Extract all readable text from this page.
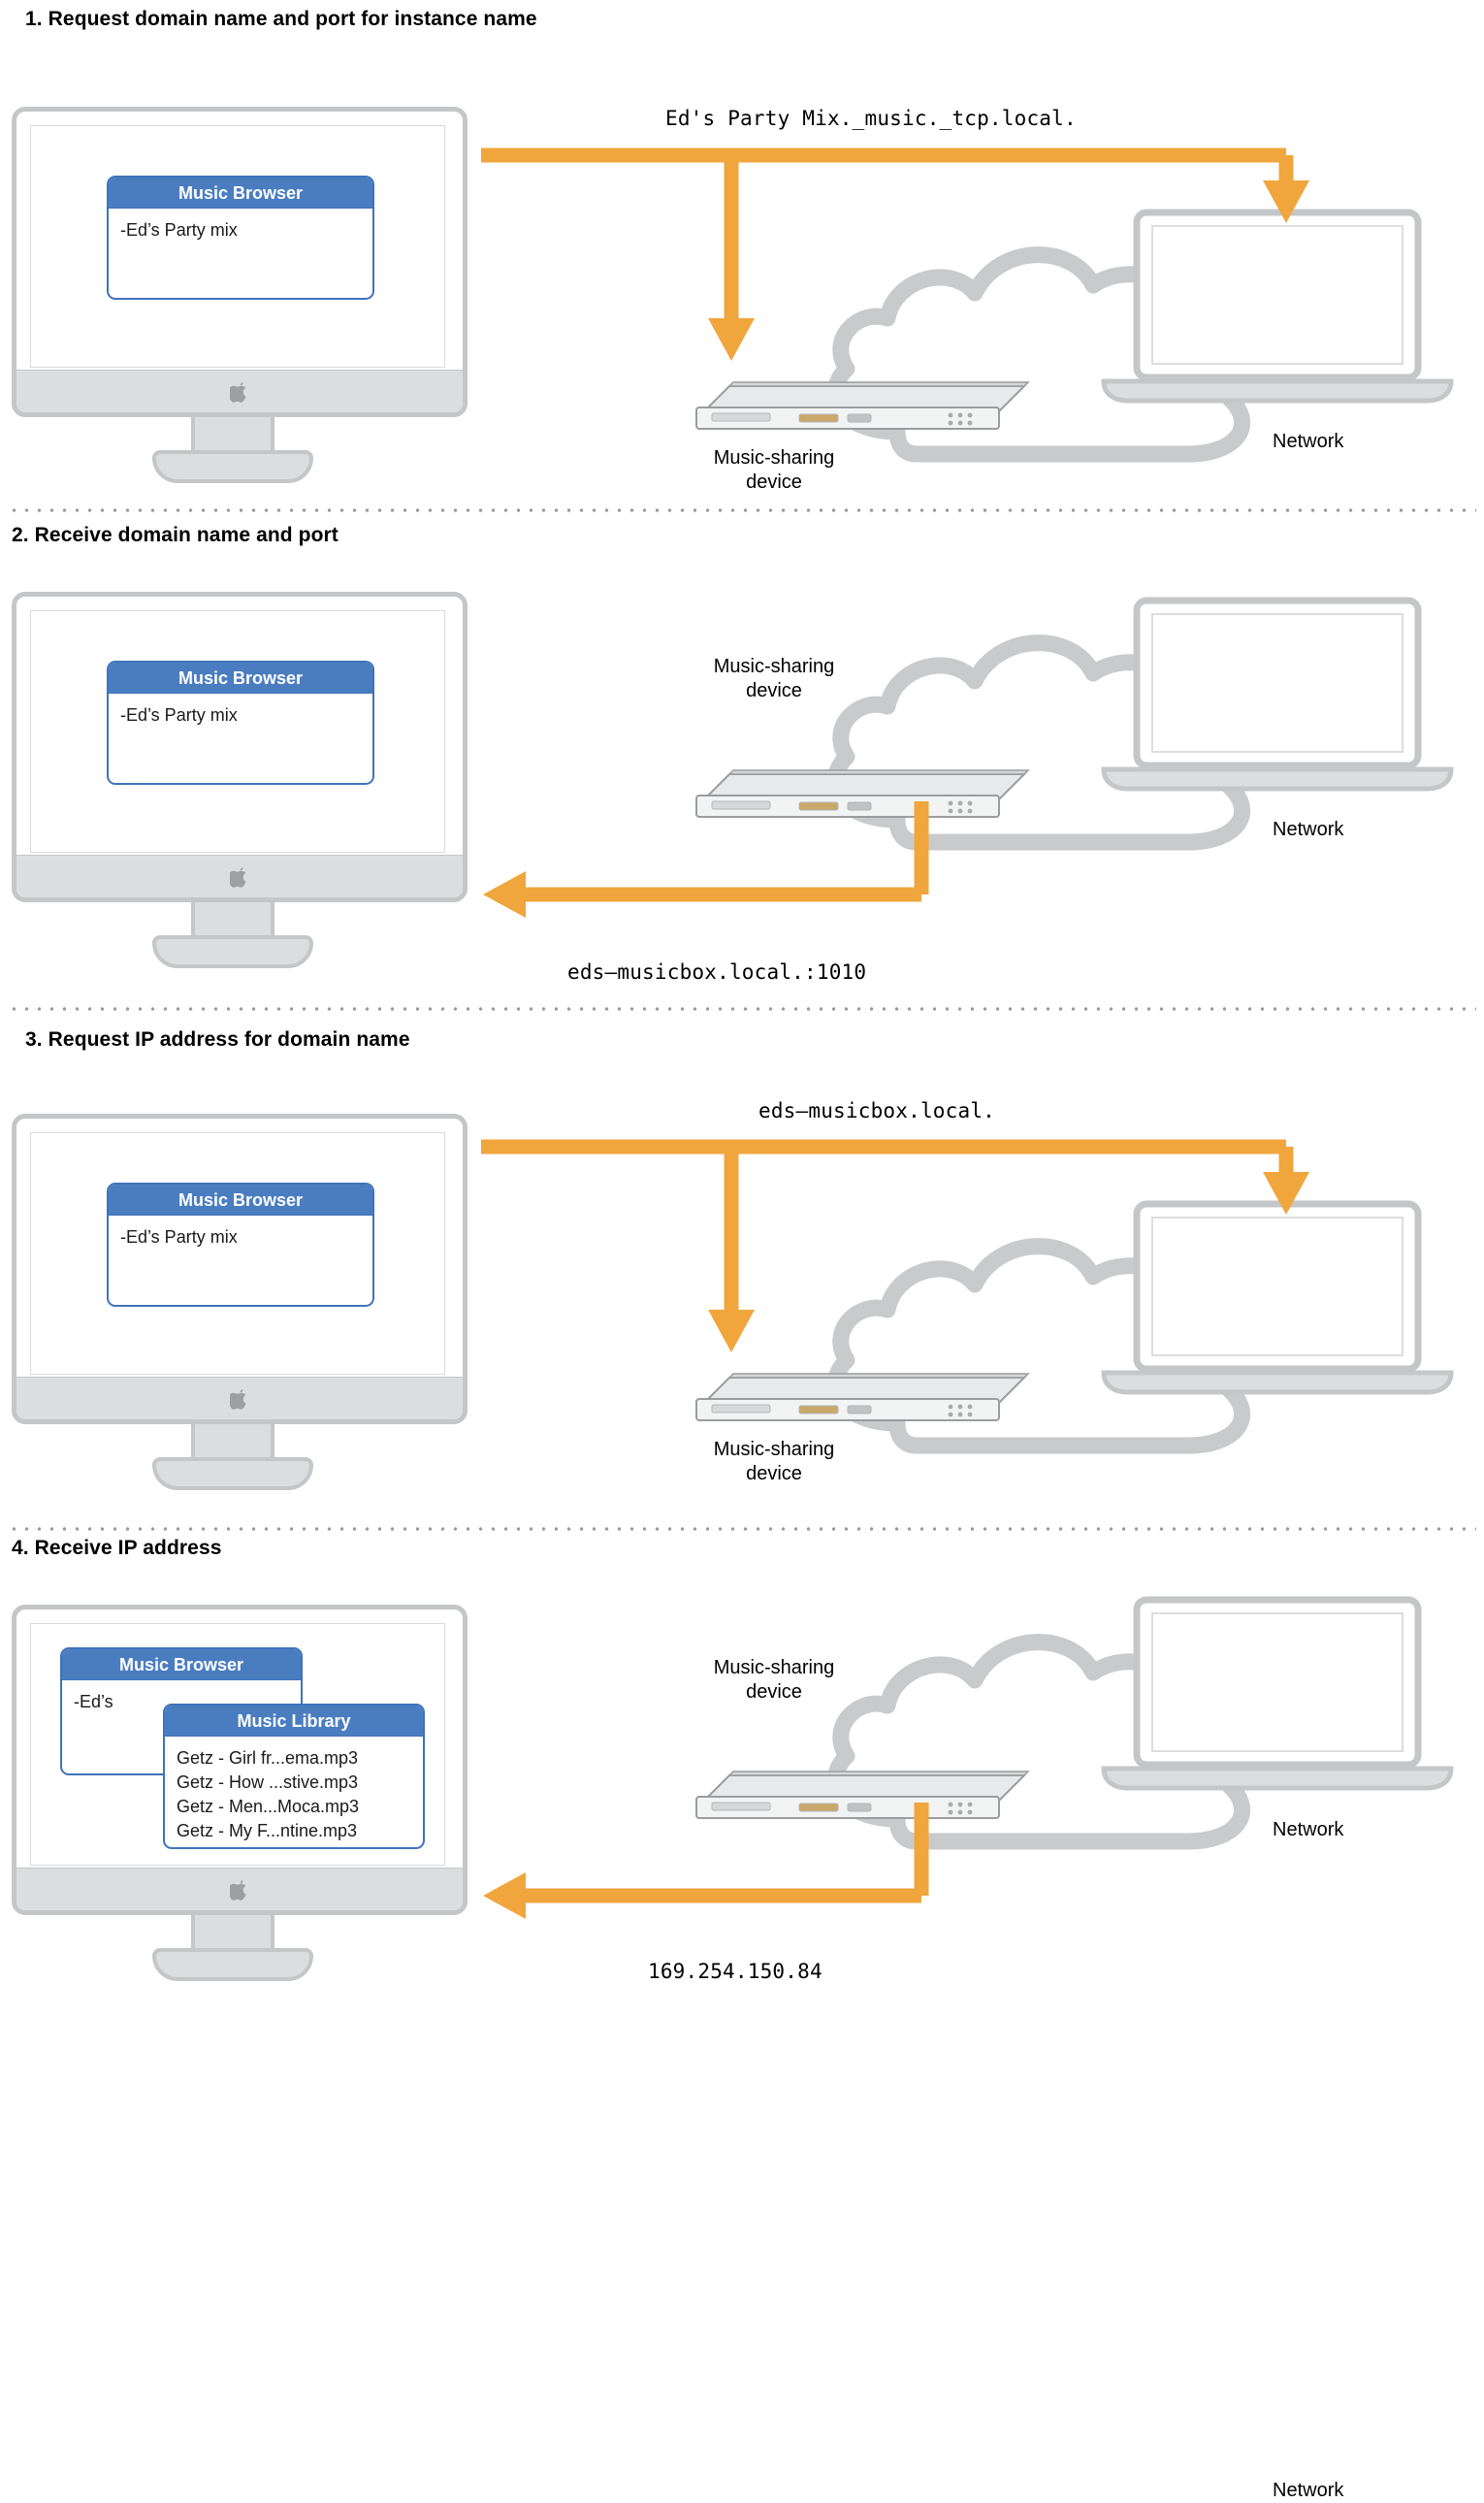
1. Request domain name and port for instance name
Music Browser
-Ed’s Party mix
Network
Music-sharing
device
Ed's Party Mix._music._tcp.local.
2. Receive domain name and port
Music Browser
-Ed’s Party mix
Network
Music-sharing
device
eds–musicbox.local.:1010
3. Request IP address for domain name
Music Browser
-Ed’s Party mix
Network
Music-sharing
device
eds–musicbox.local.
4. Receive IP address
Music Browser
-Ed’s
Music Library
Getz - Girl fr...ema.mp3
Getz - How ...stive.mp3
Getz - Men...Moca.mp3
Getz - My F...ntine.mp3	Network
Music-sharing
device
169.254.150.84
